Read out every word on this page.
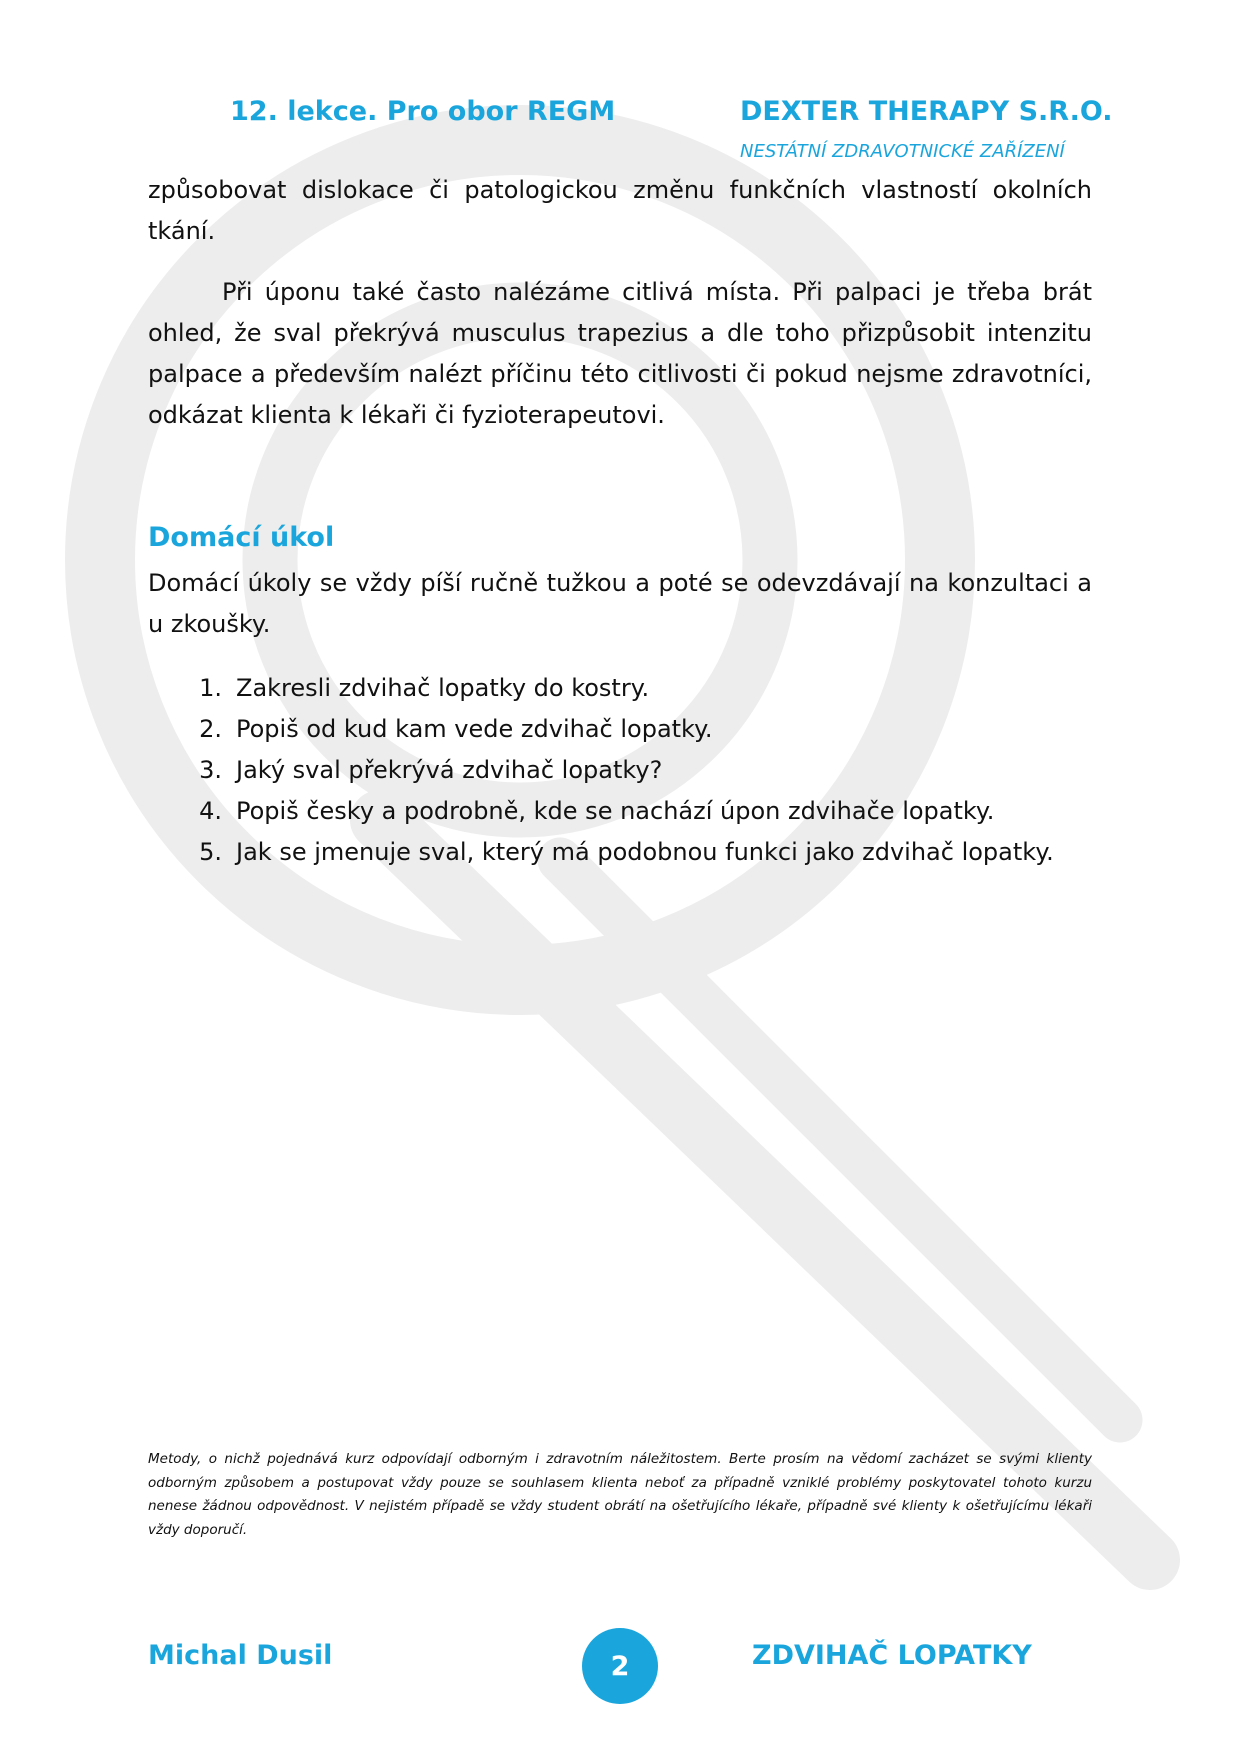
12. lekce. Pro obor REGM	DEXTER THERAPY S.R.O.
NESTÁTNÍ ZDRAVOTNICKÉ ZAŘÍZENÍ

způsobovat dislokace či patologickou změnu funkčních vlastností okolních tkání.

Při úponu také často nalézáme citlivá místa. Při palpaci je třeba brát ohled, že sval překrývá musculus trapezius a dle toho přizpůsobit intenzitu palpace a především nalézt příčinu této citlivosti či pokud nejsme zdravotníci, odkázat klienta k lékaři či fyzioterapeutovi.

Domácí úkol

Domácí úkoly se vždy píší ručně tužkou a poté se odevzdávají na konzultaci a u zkoušky.

1. Zakresli zdvihač lopatky do kostry.
2. Popiš od kud kam vede zdvihač lopatky.
3. Jaký sval překrývá zdvihač lopatky?
4. Popiš česky a podrobně, kde se nachází úpon zdvihače lopatky.
5. Jak se jmenuje sval, který má podobnou funkci jako zdvihač lopatky.

Metody, o nichž pojednává kurz odpovídají odborným i zdravotním náležitostem. Berte prosím na vědomí zacházet se svými klienty odborným způsobem a postupovat vždy pouze se souhlasem klienta neboť za případně vzniklé problémy poskytovatel tohoto kurzu nenese žádnou odpovědnost. V nejistém případě se vždy student obrátí na ošetřujícího lékaře, případně své klienty k ošetřujícímu lékaři vždy doporučí.

Michal Dusil	2	ZDVIHAČ LOPATKY
